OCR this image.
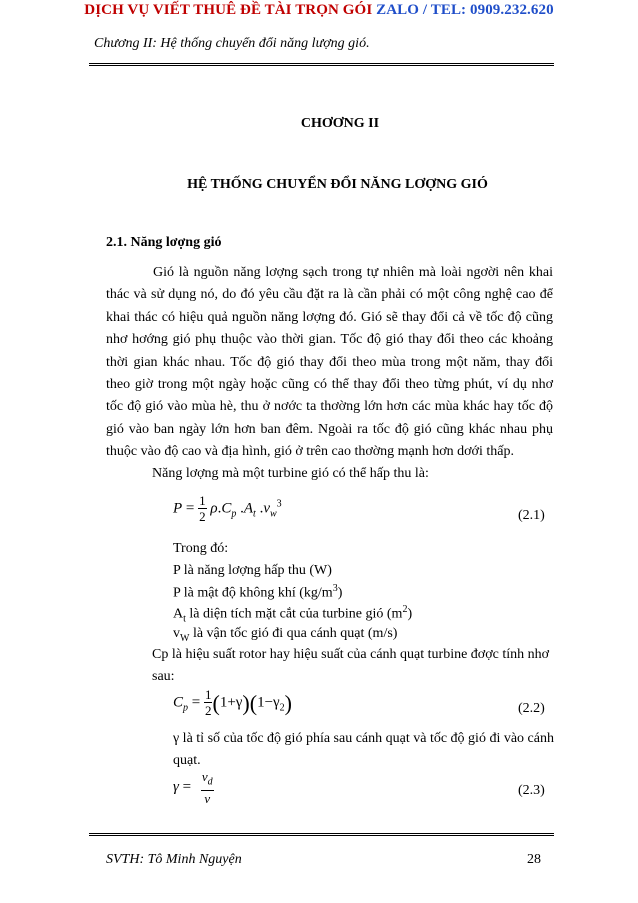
DỊCH VỤ VIẾT THUÊ ĐỀ TÀI TRỌN GÓI ZALO / TEL: 0909.232.620
Chương II: Hệ thống chuyển đổi năng lượng gió.
CHƠƠNG II
HỆ THỐNG CHUYỂN ĐỔI NĂNG LƠỢNG GIÓ
2.1. Năng lơợng gió

Gió là nguồn năng lơợng sạch trong tự nhiên mà loài ngơời nên khai thác và sử dụng nó, do đó yêu cầu đặt ra là cần phải có một công nghệ cao để khai thác có hiệu quả nguồn năng lơợng đó. Gió sẽ thay đổi cả về tốc độ cũng nhơ hơớng gió phụ thuộc vào thời gian. Tốc độ gió thay đổi theo các khoảng thời gian khác nhau. Tốc độ gió thay đổi theo mùa trong một năm, thay đổi theo giờ trong một ngày hoặc cũng có thể thay đổi theo từng phút, ví dụ nhơ tốc độ gió vào mùa hè, thu ở nơớc ta thơờng lớn hơn các mùa khác hay tốc độ gió vào ban ngày lớn hơn ban đêm. Ngoài ra tốc độ gió cũng khác nhau phụ thuộc vào độ cao và địa hình, gió ở trên cao thơờng mạnh hơn dơới thấp.

Năng lơợng mà một turbine gió có thể hấp thu là:
$P = \frac{1}{2} \rho.C_p$ $.A_t$ $.v_w^3$
(2.1)
Trong đó:
P là năng lơợng hấp thu (W)
P là mật độ không khí $(kg/m^3)$
$A_t$ là diện tích mặt cắt của turbine gió $(m^2)$
$v_W$ là vận tốc gió đi qua cánh quạt (m/s)
Cp là hiệu suất rotor hay hiệu suất của cánh quạt turbine đơợc tính nhơ
sau:
$C_p = \frac{1}{2} (1+\gamma)(1-\gamma_2)$	(2.2)
γ là tỉ số của tốc độ gió phía sau cánh quạt và tốc độ gió đi vào cánh
quạt.
$\gamma = \frac{v_d}{v}$	(2.3)
SVTH: Tô Minh Nguyện	28
